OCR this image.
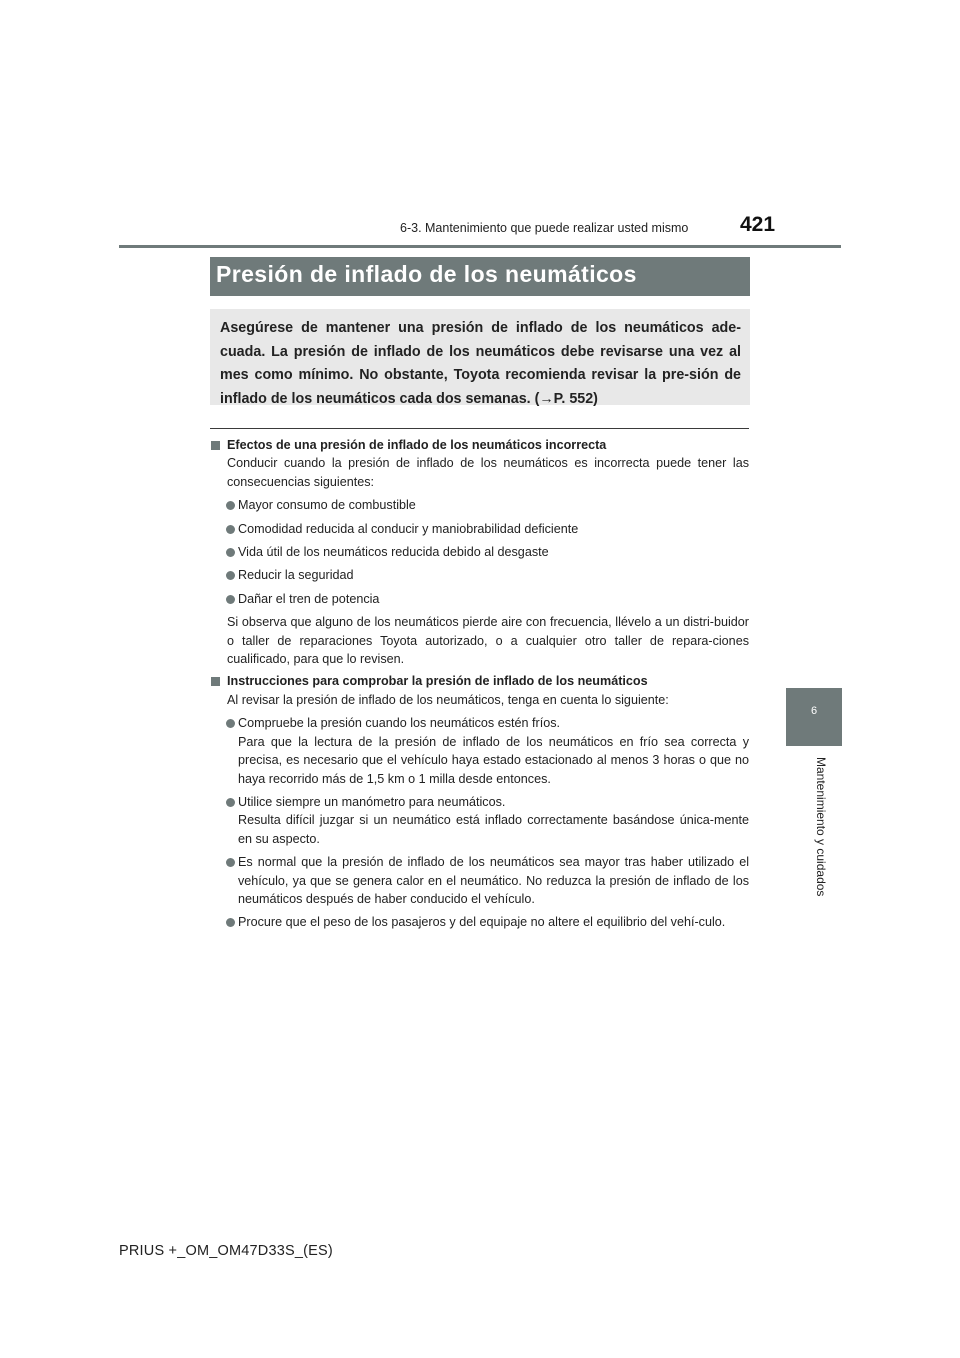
6-3. Mantenimiento que puede realizar usted mismo 421
6
Mantenimiento y cuidados
Presión de inflado de los neumáticos
Asegúrese de mantener una presión de inflado de los neumáticos ade-cuada. La presión de inflado de los neumáticos debe revisarse una vez al mes como mínimo. No obstante, Toyota recomienda revisar la pre-sión de inflado de los neumáticos cada dos semanas. (→P. 552)

Efectos de una presión de inflado de los neumáticos incorrecta

Conducir cuando la presión de inflado de los neumáticos es incorrecta puede tener las consecuencias siguientes:

Mayor consumo de combustible

Comodidad reducida al conducir y maniobrabilidad deficiente

Vida útil de los neumáticos reducida debido al desgaste

Reducir la seguridad

Dañar el tren de potencia

Si observa que alguno de los neumáticos pierde aire con frecuencia, llévelo a un distri-buidor o taller de reparaciones Toyota autorizado, o a cualquier otro taller de repara-ciones cualificado, para que lo revisen.

Instrucciones para comprobar la presión de inflado de los neumáticos

Al revisar la presión de inflado de los neumáticos, tenga en cuenta lo siguiente:

Compruebe la presión cuando los neumáticos estén fríos.
Para que la lectura de la presión de inflado de los neumáticos en frío sea correcta y precisa, es necesario que el vehículo haya estado estacionado al menos 3 horas o que no haya recorrido más de 1,5 km o 1 milla desde entonces.
Utilice siempre un manómetro para neumáticos.
Resulta difícil juzgar si un neumático está inflado correctamente basándose única-mente en su aspecto.
Es normal que la presión de inflado de los neumáticos sea mayor tras haber utilizado el vehículo, ya que se genera calor en el neumático. No reduzca la presión de inflado de los neumáticos después de haber conducido el vehículo.
Procure que el peso de los pasajeros y del equipaje no altere el equilibrio del vehí-culo.
PRIUS +_OM_OM47D33S_(ES)
